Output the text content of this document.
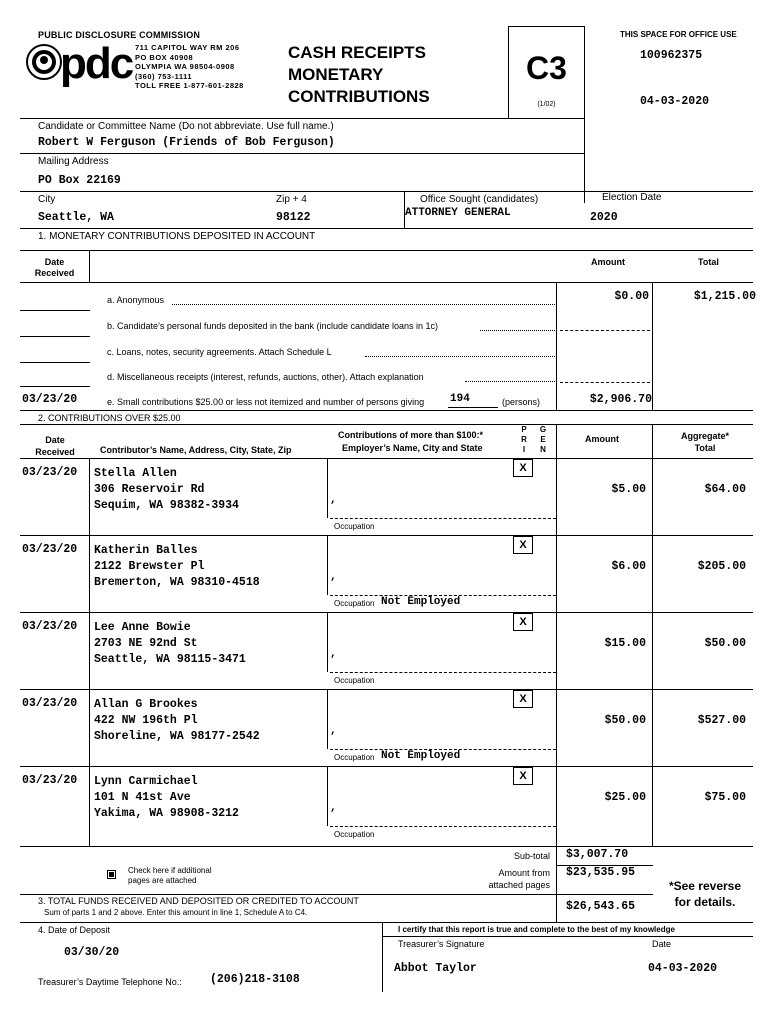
PUBLIC DISCLOSURE COMMISSION
pdc 711 CAPITOL WAY RM 206
PO BOX 40908
OLYMPIA WA 98504-0908
(360) 753-1111
TOLL FREE 1-877-601-2828
CASH RECEIPTS
MONETARY
CONTRIBUTIONS
C3
(1/02)
THIS SPACE FOR OFFICE USE
100962375
04-03-2020
Candidate or Committee Name (Do not abbreviate. Use full name.)
Robert W Ferguson (Friends of Bob Ferguson)
Mailing Address
PO Box 22169
City
Seattle, WA
Zip + 4
98122
Office Sought (candidates)
ATTORNEY GENERAL
Election Date
2020
1. MONETARY CONTRIBUTIONS DEPOSITED IN ACCOUNT
Date
Received
Amount	Total
a. Anonymous	$0.00	$1,215.00
b. Candidate’s personal funds deposited in the bank (include candidate loans in 1c)
c. Loans, notes, security agreements. Attach Schedule L
d. Miscellaneous receipts (interest, refunds, auctions, other). Attach explanation
03/23/20	e. Small contributions $25.00 or less not itemized and number of persons giving 194	(persons)	$2,906.70
2. CONTRIBUTIONS OVER $25.00
Date
Received	Contributor’s Name, Address, City, State, Zip
Contributions of more than $100:*
Employer’s Name, City and State
P
R
I
G
E
N
Amount	Aggregate*
Total
03/23/20 Stella Allen
306 Reservoir Rd
Sequim, WA 98382-3934	,
X
Occupation
$5.00	$64.00
03/23/20 Katherin Balles
2122 Brewster Pl
Bremerton, WA 98310-4518	,
X
Occupation Not Employed
$6.00	$205.00
03/23/20 Lee Anne Bowie
2703 NE 92nd St
Seattle, WA 98115-3471	,
X
Occupation
$15.00	$50.00
03/23/20 Allan G Brookes
422 NW 196th Pl
Shoreline, WA 98177-2542	,
X
Occupation Not Employed
$50.00	$527.00
03/23/20 Lynn Carmichael
101 N 41st Ave
Yakima, WA 98908-3212	,
X
Occupation
$25.00	$75.00
Check here if additional
pages are attached
Sub-total $3,007.70
Amount from
attached pages
$23,535.95
3. TOTAL FUNDS RECEIVED AND DEPOSITED OR CREDITED TO ACCOUNT
Sum of parts 1 and 2 above. Enter this amount in line 1, Schedule A to C4.	$26,543.65
*See reverse
for details.
4. Date of Deposit
03/30/20
Treasurer’s Daytime Telephone No.: (206)218-3108
I certify that this report is true and complete to the best of my knowledge
Treasurer’s Signature	Date
Abbot Taylor	04-03-2020
